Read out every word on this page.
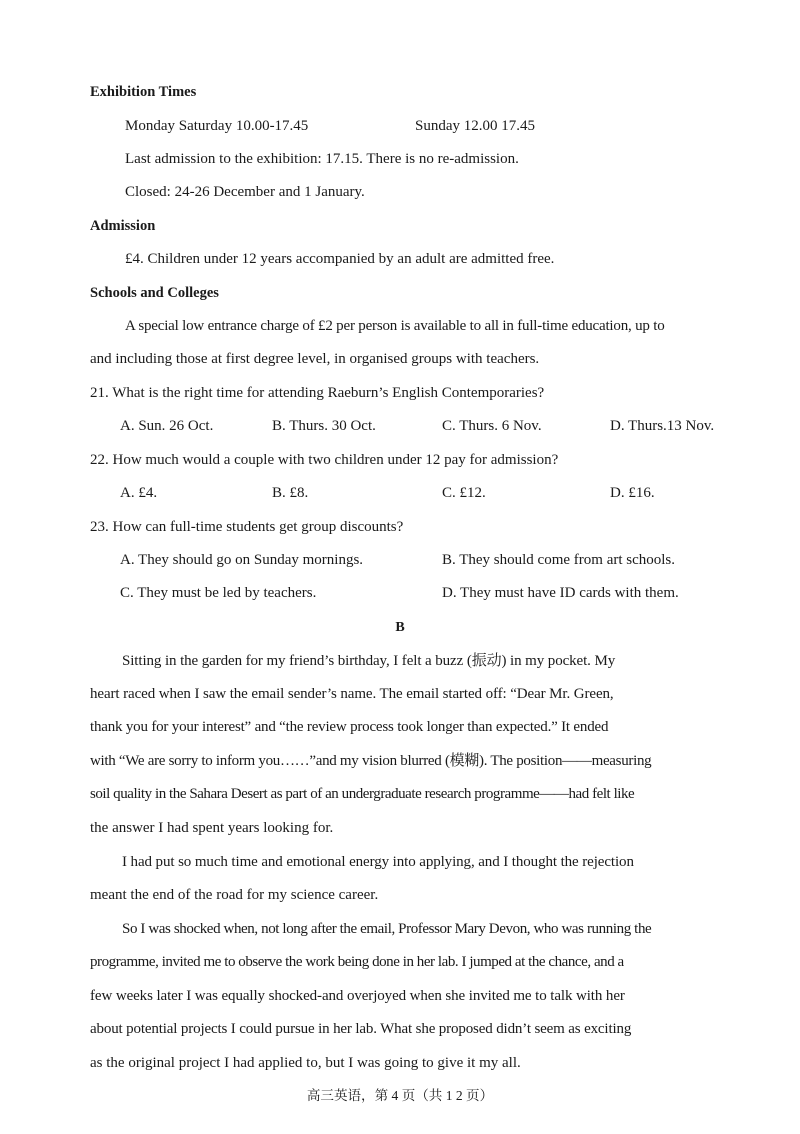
Exhibition Times
Monday Saturday 10.00-17.45	Sunday 12.00 17.45
Last admission to the exhibition: 17.15. There is no re-admission.
Closed: 24-26 December and 1 January.
Admission
£4. Children under 12 years accompanied by an adult are admitted free.
Schools and Colleges
A special low entrance charge of £2 per person is available to all in full-time education, up to
and including those at first degree level, in organised groups with teachers.
21. What is the right time for attending Raeburn’s English Contemporaries?
A. Sun. 26 Oct.	B. Thurs. 30 Oct.	C. Thurs. 6 Nov.	D. Thurs.13 Nov.
22. How much would a couple with two children under 12 pay for admission?
A. £4.	B. £8.	C. £12.	D. £16.
23. How can full-time students get group discounts?
A. They should go on Sunday mornings.	B. They should come from art schools.
C. They must be led by teachers.	D. They must have ID cards with them.
B
Sitting in the garden for my friend’s birthday, I felt a buzz (振动) in my pocket. My
heart raced when I saw the email sender’s name. The email started off: “Dear Mr. Green,
thank you for your interest” and “the review process took longer than expected.” It ended
with “We are sorry to inform you……”and my vision blurred (模糊). The position——measuring
soil quality in the Sahara Desert as part of an undergraduate research programme——had felt like
the answer I had spent years looking for.
I had put so much time and emotional energy into applying, and I thought the rejection
meant the end of the road for my science career.
So I was shocked when, not long after the email, Professor Mary Devon, who was running the
programme, invited me to observe the work being done in her lab. I jumped at the chance, and a
few weeks later I was equally shocked-and overjoyed when she invited me to talk with her
about potential projects I could pursue in her lab. What she proposed didn’t seem as exciting
as the original project I had applied to, but I was going to give it my all.
高三英语，第 4 页（共 1 2 页）
